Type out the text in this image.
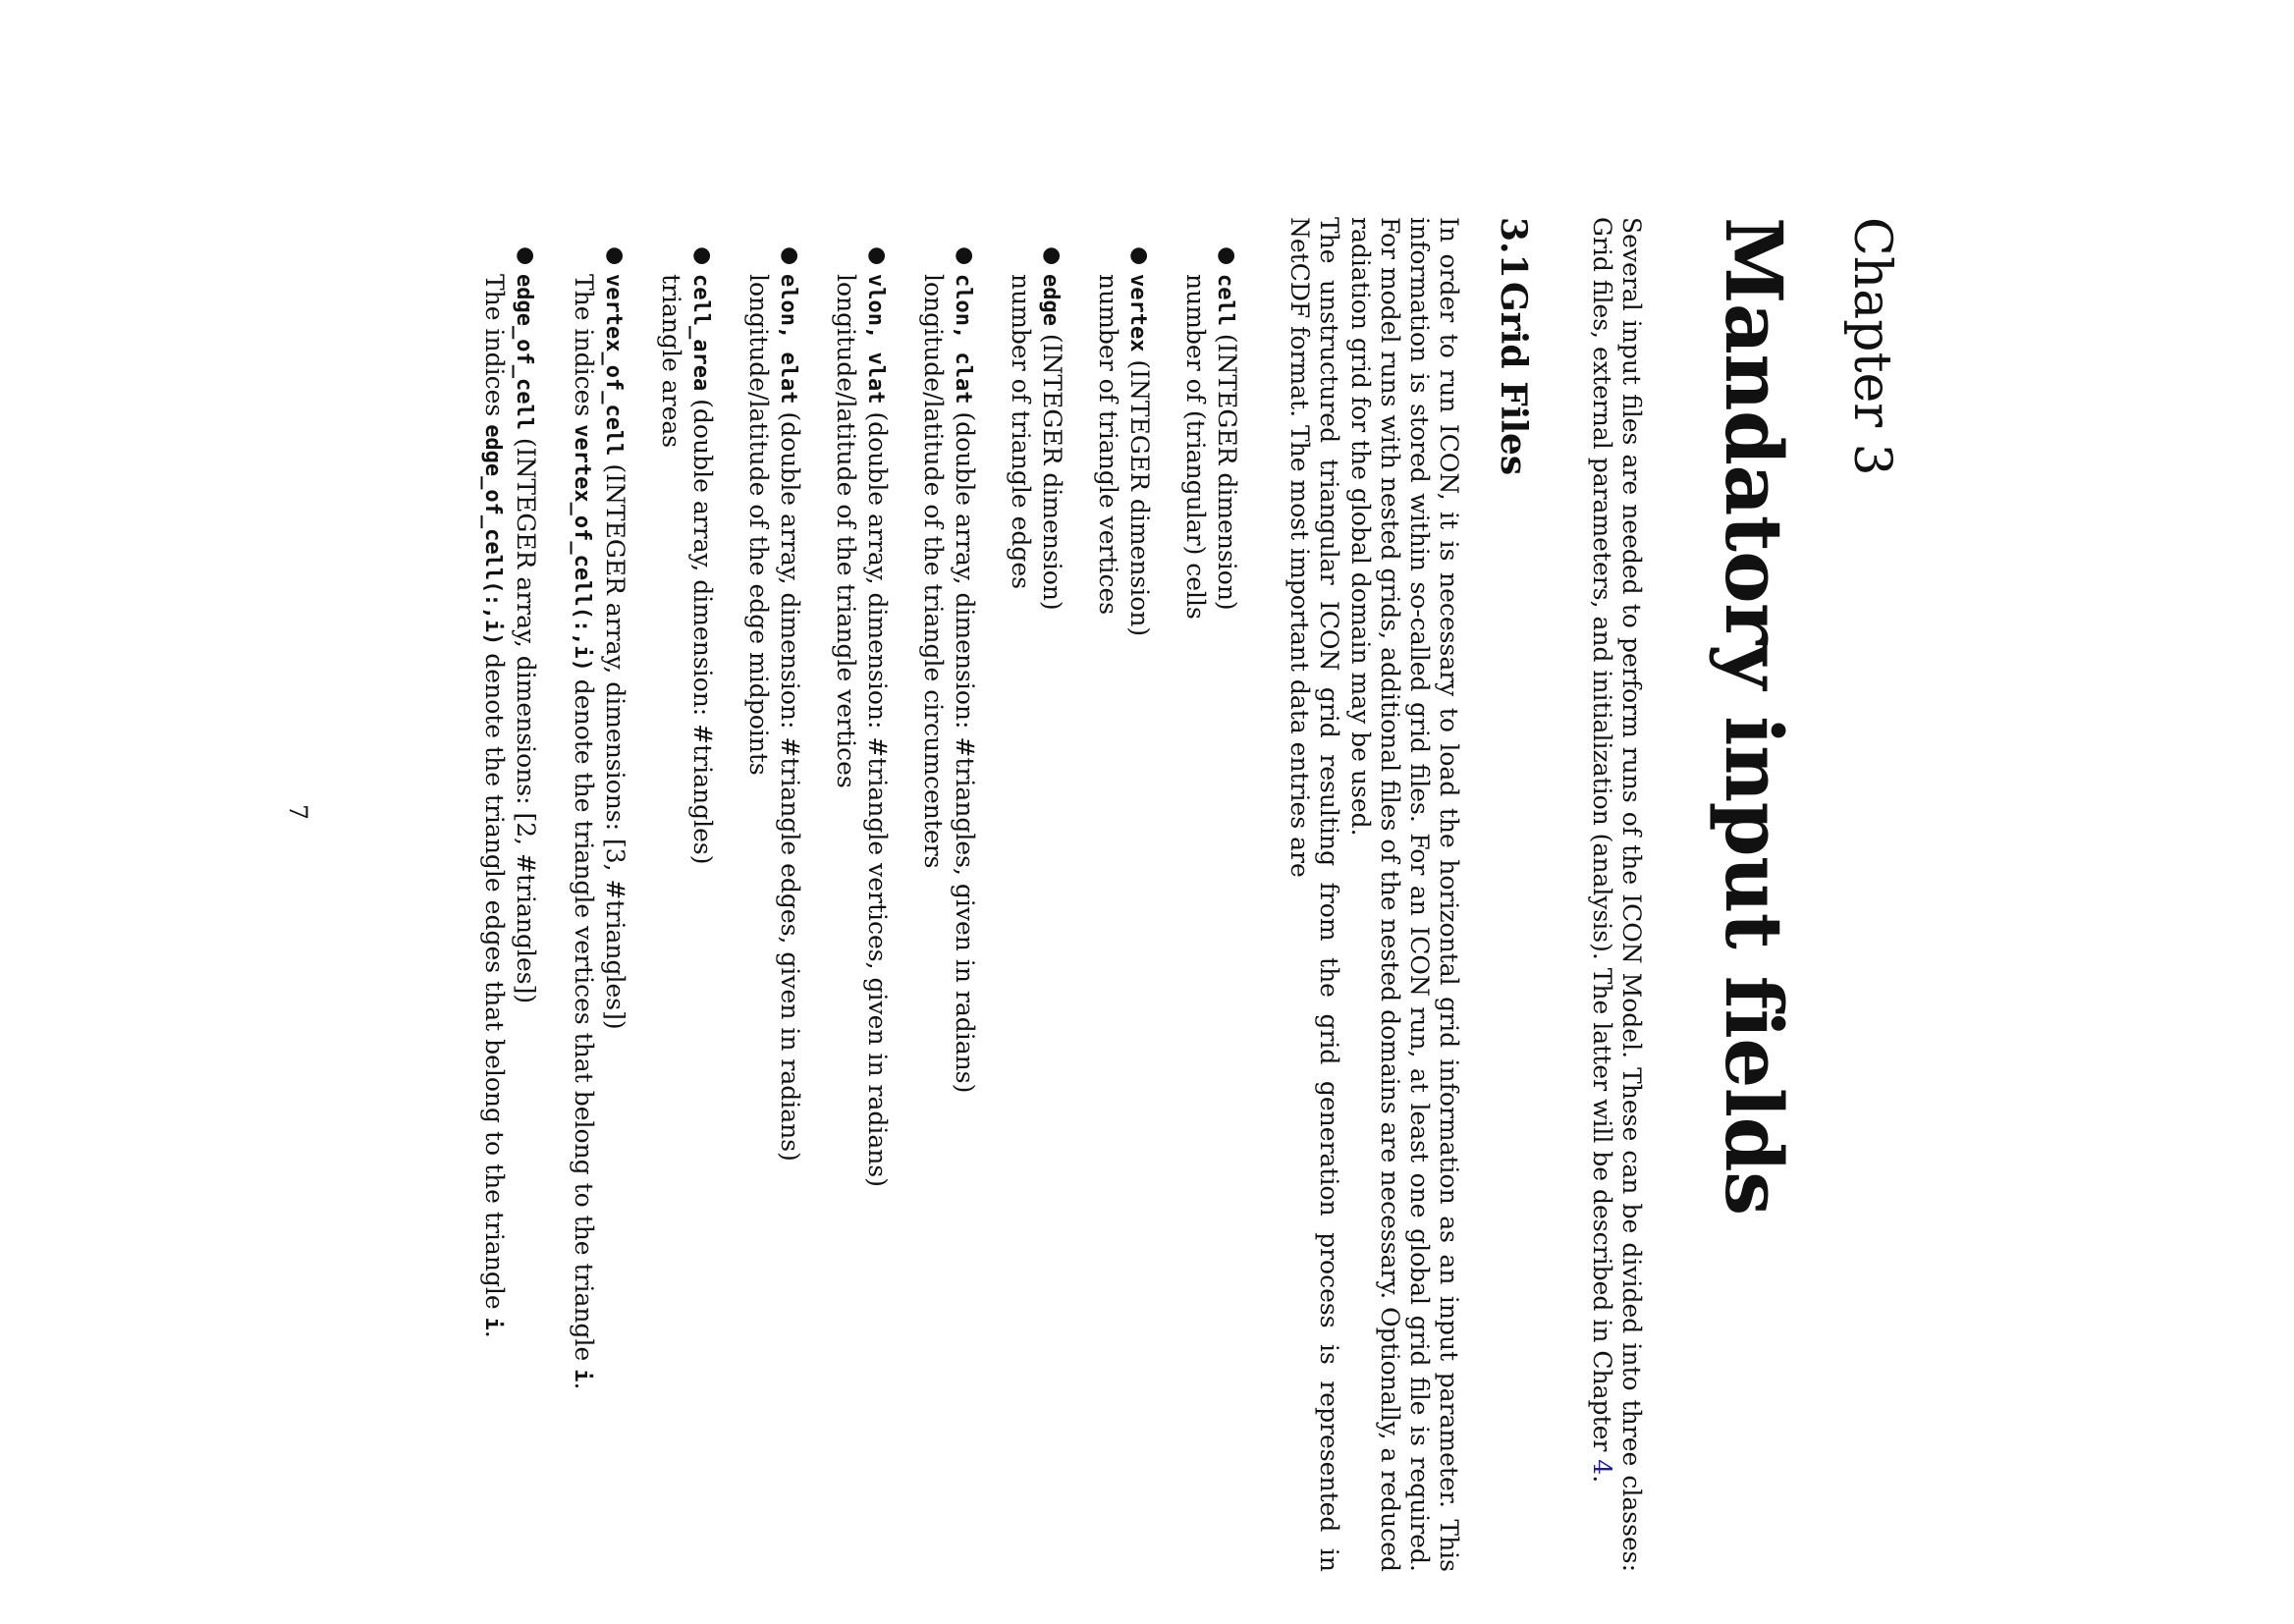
Chapter 3
Mandatory input fields

Several input files are needed to perform runs of the ICON Model. These can be divided into three classes: Grid files, external parameters, and initialization (analysis). The latter will be described in Chapter 4.

3.1Grid Files

In order to run ICON, it is necessary to load the horizontal grid information as an input parameter. This information is stored within so-called grid files. For an ICON run, at least one global grid file is required. For model runs with nested grids, additional files of the nested domains are necessary. Optionally, a reduced radiation grid for the global domain may be used.

The unstructured triangular ICON grid resulting from the grid generation process is represented in NetCDF format. The most important data entries are

●
cell (INTEGER dimension)
number of (triangular) cells
●
vertex (INTEGER dimension)
number of triangle vertices
●
edge (INTEGER dimension)
number of triangle edges
●
clon, clat (double array, dimension: #triangles, given in radians)
longitude/latitude of the triangle circumcenters
●
vlon, vlat (double array, dimension: #triangle vertices, given in radians)
longitude/latitude of the triangle vertices
●
elon, elat (double array, dimension: #triangle edges, given in radians)
longitude/latitude of the edge midpoints
●
cell_area (double array, dimension: #triangles)
triangle areas
●
vertex_of_cell (INTEGER array, dimensions: [3, #triangles])
The indices vertex_of_cell(:,i) denote the triangle vertices that belong to the triangle i.
●
edge_of_cell (INTEGER array, dimensions: [2, #triangles])
The indices edge_of_cell(:,i) denote the triangle edges that belong to the triangle i.
7
